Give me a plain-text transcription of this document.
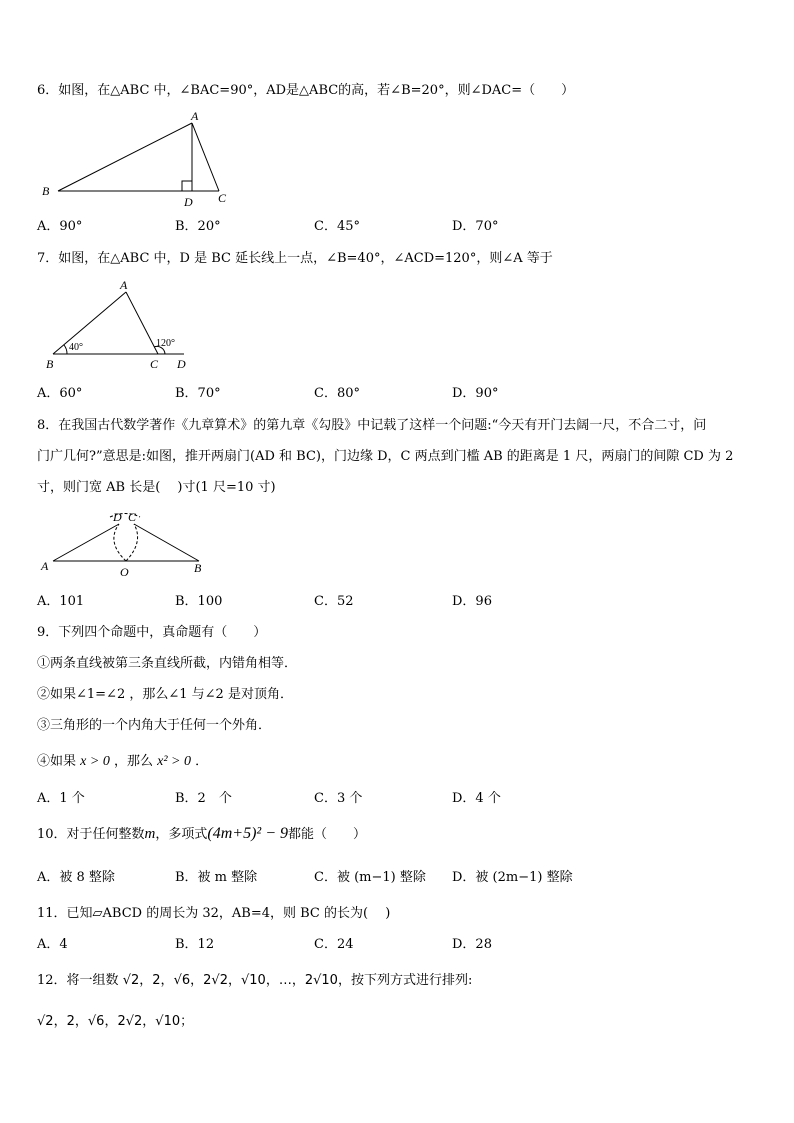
6．如图，在△ABC 中，∠BAC=90°，AD是△ABC的高，若∠B=20°，则∠DAC=（　　）
A
B	C
D
A．90°	B．20°	C．45°	D．70°
7．如图，在△ABC 中，D 是 BC 延长线上一点，∠B=40°，∠ACD=120°，则∠A 等于
A
B	C D
40°	120°
A．60°	B．70°	C．80°	D．90°
8．在我国古代数学著作《九章算术》的第九章《勾股》中记载了这样一个问题:“今天有开门去阔一尺，不合二寸，问
门广几何?”意思是:如图，推开两扇门(AD 和 BC)，门边缘 D，C 两点到门槛 AB 的距离是 1 尺，两扇门的间隙 CD 为 2
寸，则门宽 AB 长是(　 )寸(1 尺=10 寸)
A	B
D C
O
A．101	B．100	C．52	D．96
9．下列四个命题中，真命题有（　　）
①两条直线被第三条直线所截，内错角相等．
②如果∠1=∠2 ，那么∠1 与∠2 是对顶角．
③三角形的一个内角大于任何一个外角．
④如果 x > 0 ，那么 x² > 0 ．
A．1 个	B．2　个	C．3 个	D．4 个
10．对于任何整数m，多项式(4m+5)² − 9都能（　　）
A．被 8 整除	B．被 m 整除	C．被 (m−1) 整除 D．被 (2m−1) 整除
11．已知▱ABCD 的周长为 32，AB=4，则 BC 的长为(　 )
A．4	B．12	C．24	D．28
12．将一组数 √2，2，√6，2√2，√10，…，2√10，按下列方式进行排列:
√2，2，√6，2√2，√10；
